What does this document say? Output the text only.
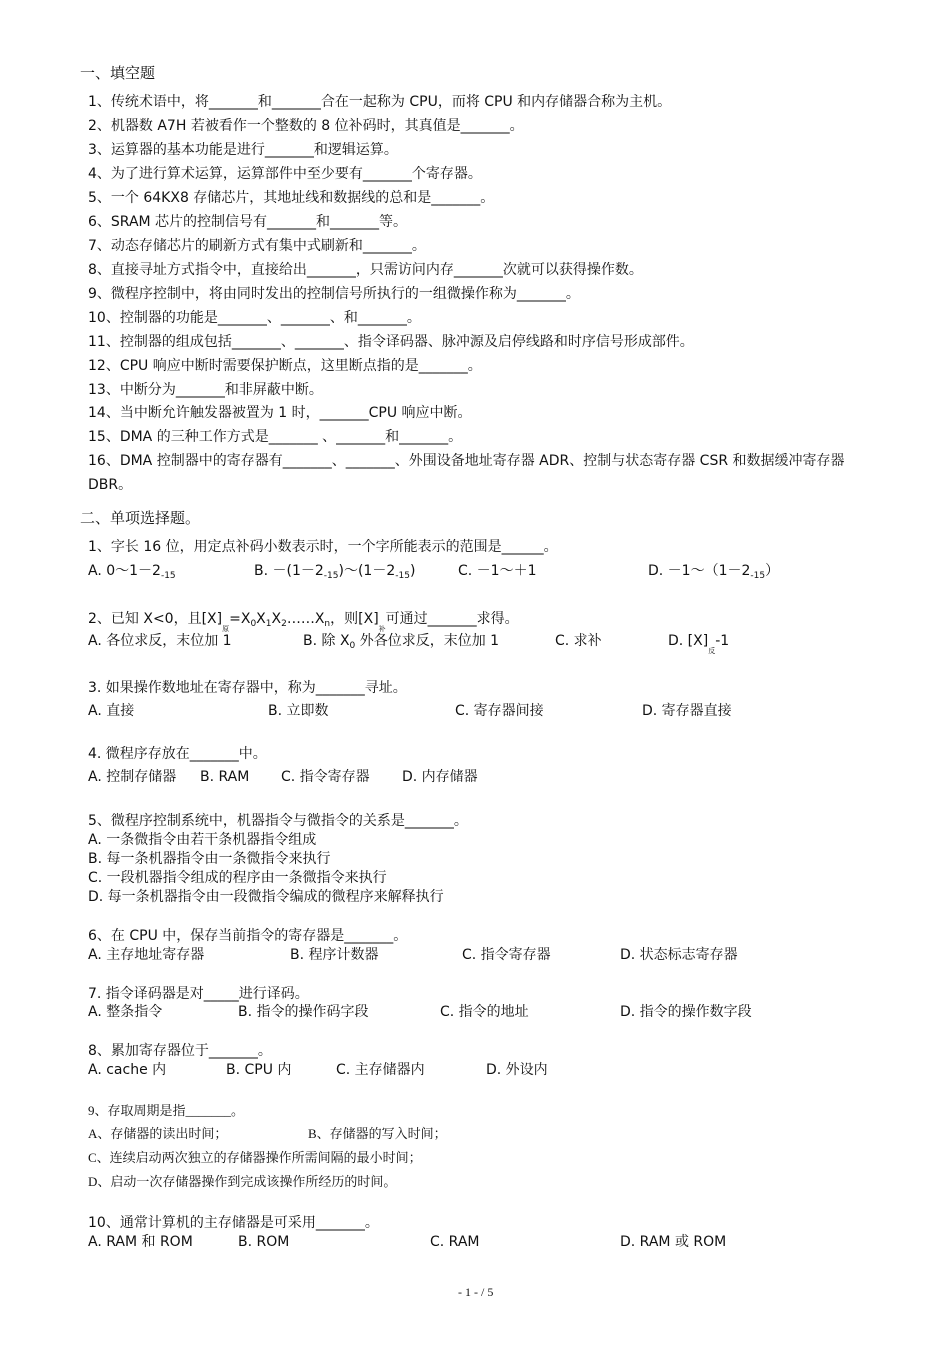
一、填空题
1、传统术语中，将_______和_______合在一起称为 CPU，而将 CPU 和内存储器合称为主机。
2、机器数 A7H 若被看作一个整数的 8 位补码时，其真值是_______。
3、运算器的基本功能是进行_______和逻辑运算。
4、为了进行算术运算，运算部件中至少要有_______个寄存器。
5、一个 64KX8 存储芯片，其地址线和数据线的总和是_______。
6、SRAM 芯片的控制信号有_______和_______等。
7、动态存储芯片的刷新方式有集中式刷新和_______。
8、直接寻址方式指令中，直接给出_______，只需访问内存_______次就可以获得操作数。
9、微程序控制中，将由同时发出的控制信号所执行的一组微操作称为_______。
10、控制器的功能是_______、_______、和_______。
11、控制器的组成包括_______、_______、指令译码器、脉冲源及启停线路和时序信号形成部件。
12、CPU 响应中断时需要保护断点，这里断点指的是_______。
13、中断分为_______和非屏蔽中断。
14、当中断允许触发器被置为 1 时，_______CPU 响应中断。
15、DMA 的三种工作方式是_______ 、_______和_______。
16、DMA 控制器中的寄存器有_______、_______、外围设备地址寄存器 ADR、控制与状态寄存器 CSR 和数据缓冲寄存器
DBR。
二、单项选择题。
1、字长 16 位，用定点补码小数表示时，一个字所能表示的范围是______。
A. $0\sim 1-2_{-15}$	B. $-(1-2_{-15})\sim(1-2_{-15})$	C. －1～＋1	D. $-1\sim(1-2_{-15})$
2、已知 X<0，且$[X]_原=X_0X_1X_2\dots\dots X_n$，则$[X]_补$可通过_______求得。
A. 各位求反，末位加 1	B. 除 $X_0$ 外各位求反，末位加 1	C. 求补	D. $[X]_反-1$
3. 如果操作数地址在寄存器中，称为_______寻址。
A. 直接	B. 立即数	C. 寄存器间接	D. 寄存器直接
4. 微程序存放在_______中。
A. 控制存储器 B. RAM C. 指令寄存器 D. 内存储器
5、微程序控制系统中，机器指令与微指令的关系是_______。
A. 一条微指令由若干条机器指令组成
B. 每一条机器指令由一条微指令来执行
C. 一段机器指令组成的程序由一条微指令来执行
D. 每一条机器指令由一段微指令编成的微程序来解释执行
6、在 CPU 中，保存当前指令的寄存器是_______。
A. 主存地址寄存器	B. 程序计数器	C. 指令寄存器	D. 状态标志寄存器
7. 指令译码器是对_____进行译码。
A. 整条指令	B. 指令的操作码字段	C. 指令的地址	D. 指令的操作数字段
8、累加寄存器位于_______。
A. cache 内	B. CPU 内	C. 主存储器内	D. 外设内
9、存取周期是指_______。
A、存储器的读出时间；	B、存储器的写入时间；
C、连续启动两次独立的存储器操作所需间隔的最小时间；
D、启动一次存储器操作到完成该操作所经历的时间。
10、通常计算机的主存储器是可采用_______。
A. RAM 和 ROM	B. ROM	C. RAM	D. RAM 或 ROM
- 1 - / 5
